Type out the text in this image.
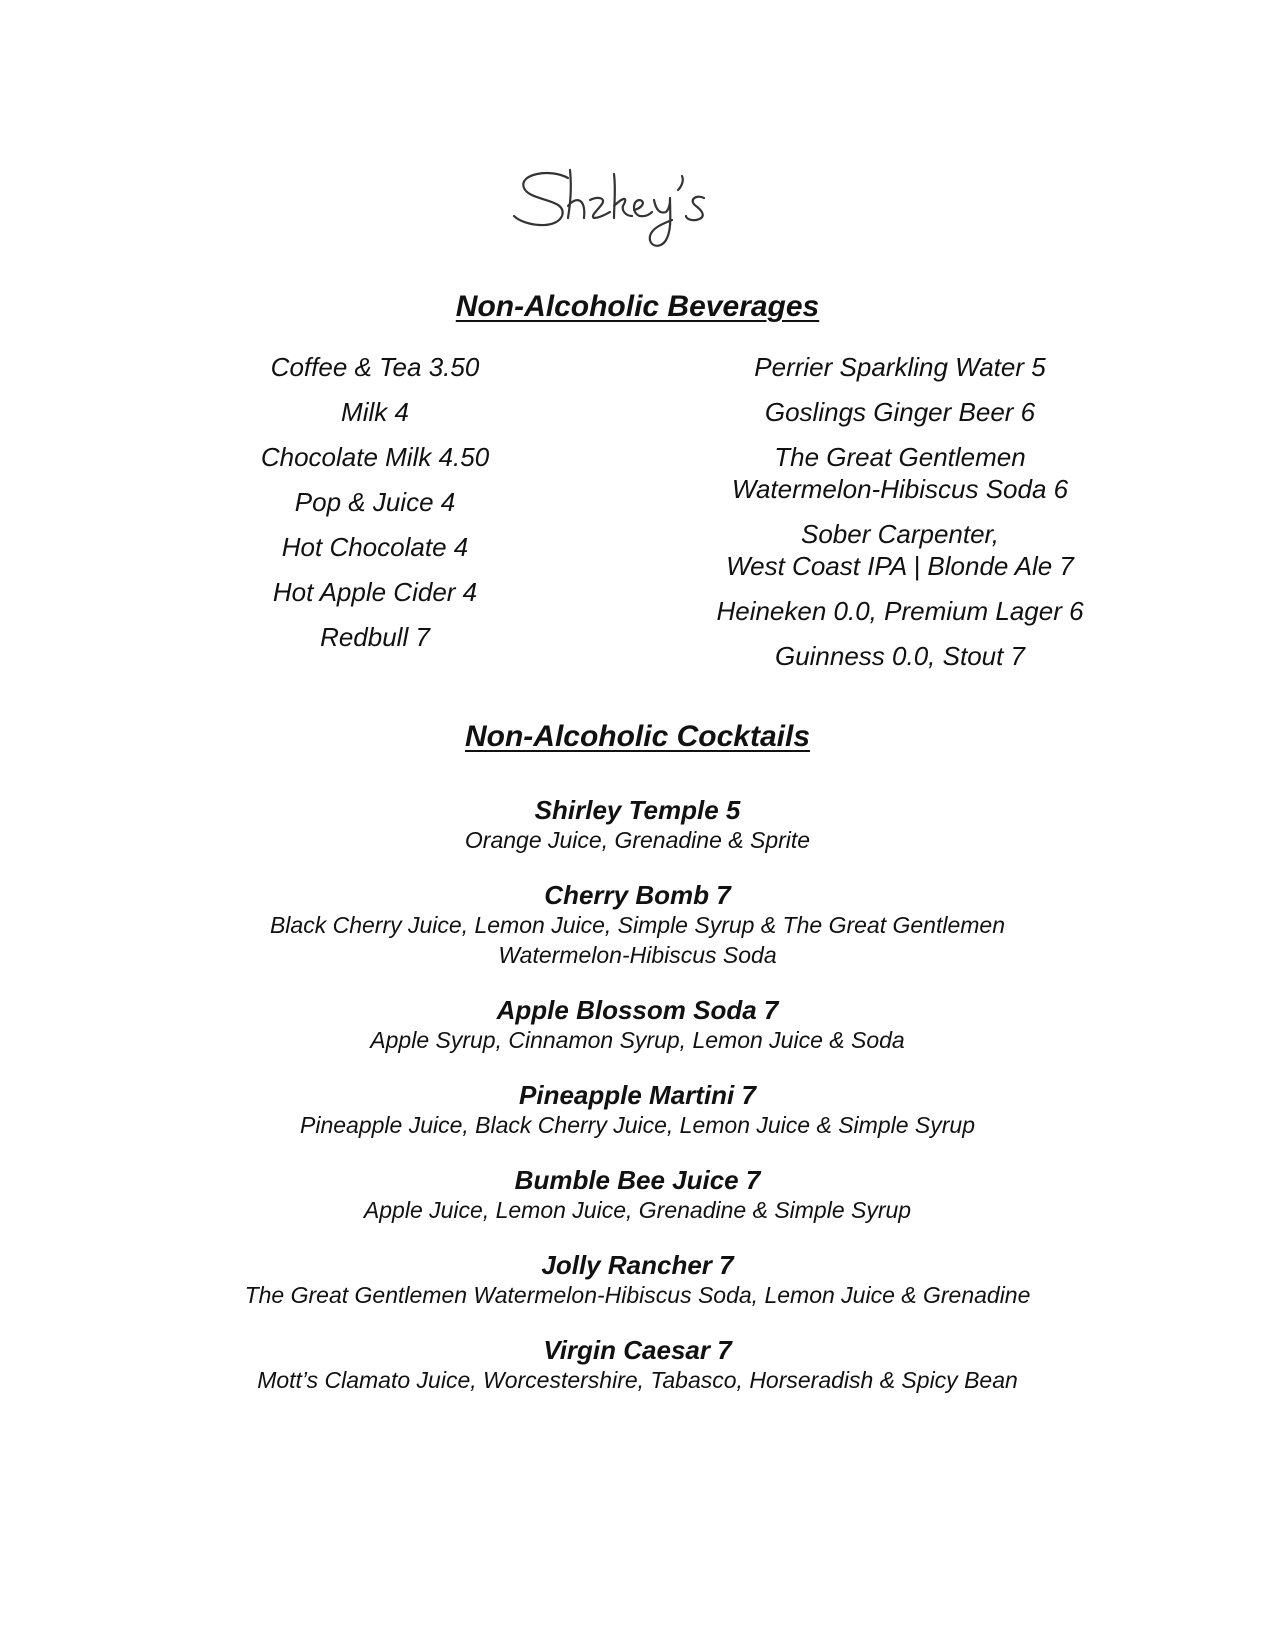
Non-Alcoholic Beverages

Coffee & Tea 3.50

Milk 4

Chocolate Milk 4.50

Pop & Juice 4

Hot Chocolate 4

Hot Apple Cider 4

Redbull 7

Perrier Sparkling Water 5

Goslings Ginger Beer 6

The Great Gentlemen
Watermelon-Hibiscus Soda 6

Sober Carpenter,
West Coast IPA | Blonde Ale 7

Heineken 0.0, Premium Lager 6

Guinness 0.0, Stout 7

Non-Alcoholic Cocktails

Shirley Temple 5

Orange Juice, Grenadine & Sprite

Cherry Bomb 7

Black Cherry Juice, Lemon Juice, Simple Syrup & The Great Gentlemen Watermelon-Hibiscus Soda

Apple Blossom Soda 7

Apple Syrup, Cinnamon Syrup, Lemon Juice & Soda

Pineapple Martini 7

Pineapple Juice, Black Cherry Juice, Lemon Juice & Simple Syrup

Bumble Bee Juice 7

Apple Juice, Lemon Juice, Grenadine & Simple Syrup

Jolly Rancher 7

The Great Gentlemen Watermelon-Hibiscus Soda, Lemon Juice & Grenadine

Virgin Caesar 7

Mott’s Clamato Juice, Worcestershire, Tabasco, Horseradish & Spicy Bean
